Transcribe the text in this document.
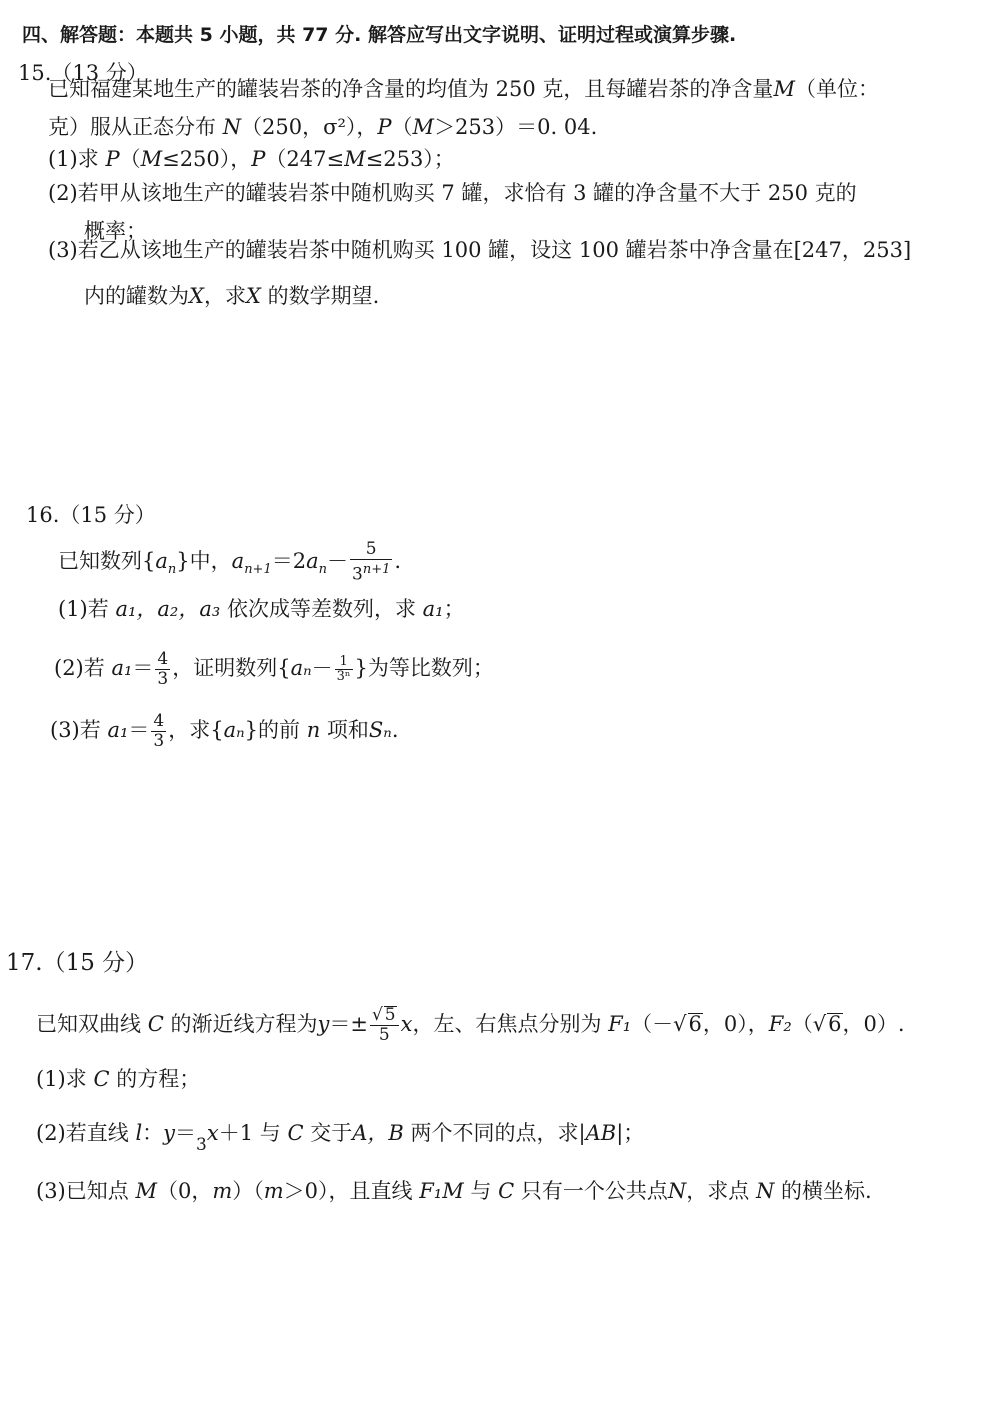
四、解答题：本题共 5 小题，共 77 分. 解答应写出文字说明、证明过程或演算步骤.
15.（13 分）
已知福建某地生产的罐装岩茶的净含量的均值为 250 克，且每罐岩茶的净含量M（单位：
克）服从正态分布 N（250，σ²），P（M＞253）＝0. 04.
(1)求 P（M≤250），P（247≤M≤253）；
(2)若甲从该地生产的罐装岩茶中随机购买 7 罐，求恰有 3 罐的净含量不大于 250 克的
概率；
(3)若乙从该地生产的罐装岩茶中随机购买 100 罐，设这 100 罐岩茶中净含量在[247，253]
内的罐数为X，求X 的数学期望.
16.（15 分）
已知数列$\{a_n\}$中，$a_{n+1}=2a_n- \frac{5}{3^{n+1}}$ .
(1)若 a₁，a₂，a₃ 依次成等差数列，求 a₁；
(2)若 $a_1= \frac{4}{3}$ ，证明数列{$a_n- \frac{1}{\text{3ⁿ}}$ }为等比数列；
(3)若 $a_1= \frac{4}{3}$ ，求{aₙ}的前 n 项和Sₙ.
17.（15 分）
已知双曲线 C 的渐近线方程为$y=\pm \frac{√ 5}{5}$ x，左、右焦点分别为 F₁（－√6，0），F₂（√6，0）.
(1)求 C 的方程；
(2)若直线 l：y＝3x＋1 与 C 交于A，B 两个不同的点，求|AB|；
(3)已知点 M（0，m）（m＞0），且直线 F₁M 与 C 只有一个公共点N，求点 N 的横坐标.
